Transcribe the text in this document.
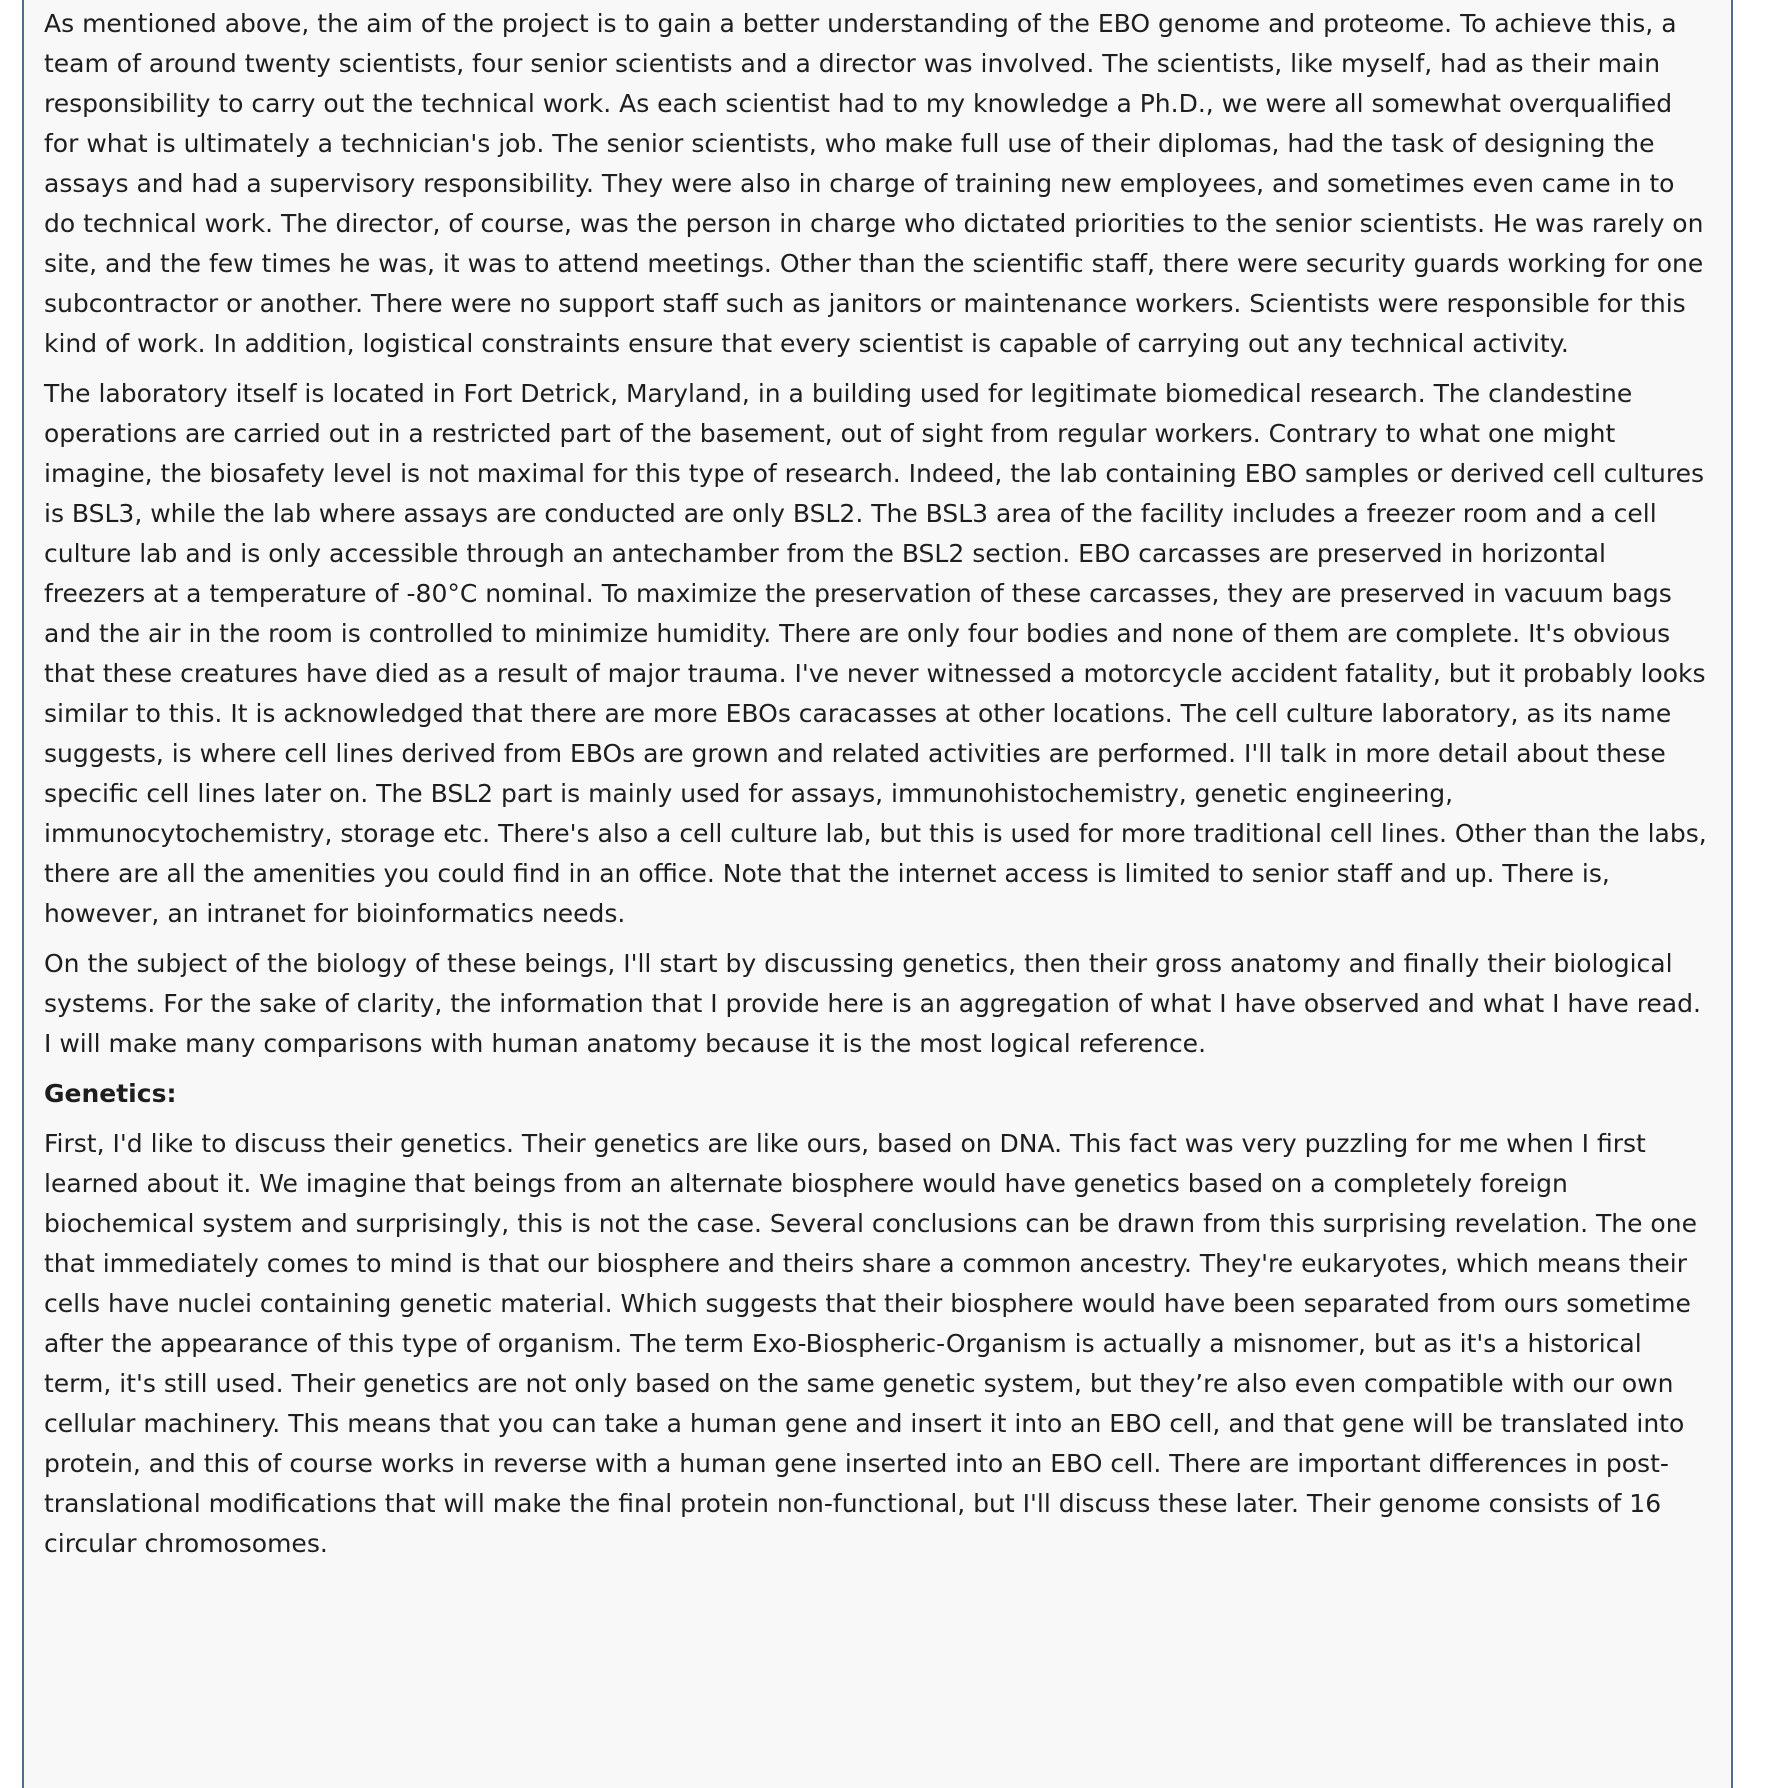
As mentioned above, the aim of the project is to gain a better understanding of the EBO genome and proteome. To achieve this, a team of around twenty scientists, four senior scientists and a director was involved. The scientists, like myself, had as their main responsibility to carry out the technical work. As each scientist had to my knowledge a Ph.D., we were all somewhat overqualified for what is ultimately a technician's job. The senior scientists, who make full use of their diplomas, had the task of designing the assays and had a supervisory responsibility. They were also in charge of training new employees, and sometimes even came in to do technical work. The director, of course, was the person in charge who dictated priorities to the senior scientists. He was rarely on site, and the few times he was, it was to attend meetings. Other than the scientific staff, there were security guards working for one subcontractor or another. There were no support staff such as janitors or maintenance workers. Scientists were responsible for this kind of work. In addition, logistical constraints ensure that every scientist is capable of carrying out any technical activity.

The laboratory itself is located in Fort Detrick, Maryland, in a building used for legitimate biomedical research. The clandestine operations are carried out in a restricted part of the basement, out of sight from regular workers. Contrary to what one might imagine, the biosafety level is not maximal for this type of research. Indeed, the lab containing EBO samples or derived cell cultures is BSL3, while the lab where assays are conducted are only BSL2. The BSL3 area of the facility includes a freezer room and a cell culture lab and is only accessible through an antechamber from the BSL2 section. EBO carcasses are preserved in horizontal freezers at a temperature of -80°C nominal. To maximize the preservation of these carcasses, they are preserved in vacuum bags and the air in the room is controlled to minimize humidity. There are only four bodies and none of them are complete. It's obvious that these creatures have died as a result of major trauma. I've never witnessed a motorcycle accident fatality, but it probably looks similar to this. It is acknowledged that there are more EBOs caracasses at other locations. The cell culture laboratory, as its name suggests, is where cell lines derived from EBOs are grown and related activities are performed. I'll talk in more detail about these specific cell lines later on. The BSL2 part is mainly used for assays, immunohistochemistry, genetic engineering, immunocytochemistry, storage etc. There's also a cell culture lab, but this is used for more traditional cell lines. Other than the labs, there are all the amenities you could find in an office. Note that the internet access is limited to senior staff and up. There is, however, an intranet for bioinformatics needs.

On the subject of the biology of these beings, I'll start by discussing genetics, then their gross anatomy and finally their biological systems. For the sake of clarity, the information that I provide here is an aggregation of what I have observed and what I have read. I will make many comparisons with human anatomy because it is the most logical reference.

Genetics:

First, I'd like to discuss their genetics. Their genetics are like ours, based on DNA. This fact was very puzzling for me when I first learned about it. We imagine that beings from an alternate biosphere would have genetics based on a completely foreign biochemical system and surprisingly, this is not the case. Several conclusions can be drawn from this surprising revelation. The one that immediately comes to mind is that our biosphere and theirs share a common ancestry. They're eukaryotes, which means their cells have nuclei containing genetic material. Which suggests that their biosphere would have been separated from ours sometime after the appearance of this type of organism. The term Exo-Biospheric-Organism is actually a misnomer, but as it's a historical term, it's still used. Their genetics are not only based on the same genetic system, but they’re also even compatible with our own cellular machinery. This means that you can take a human gene and insert it into an EBO cell, and that gene will be translated into protein, and this of course works in reverse with a human gene inserted into an EBO cell. There are important differences in post-translational modifications that will make the final protein non-functional, but I'll discuss these later. Their genome consists of 16 circular chromosomes.
